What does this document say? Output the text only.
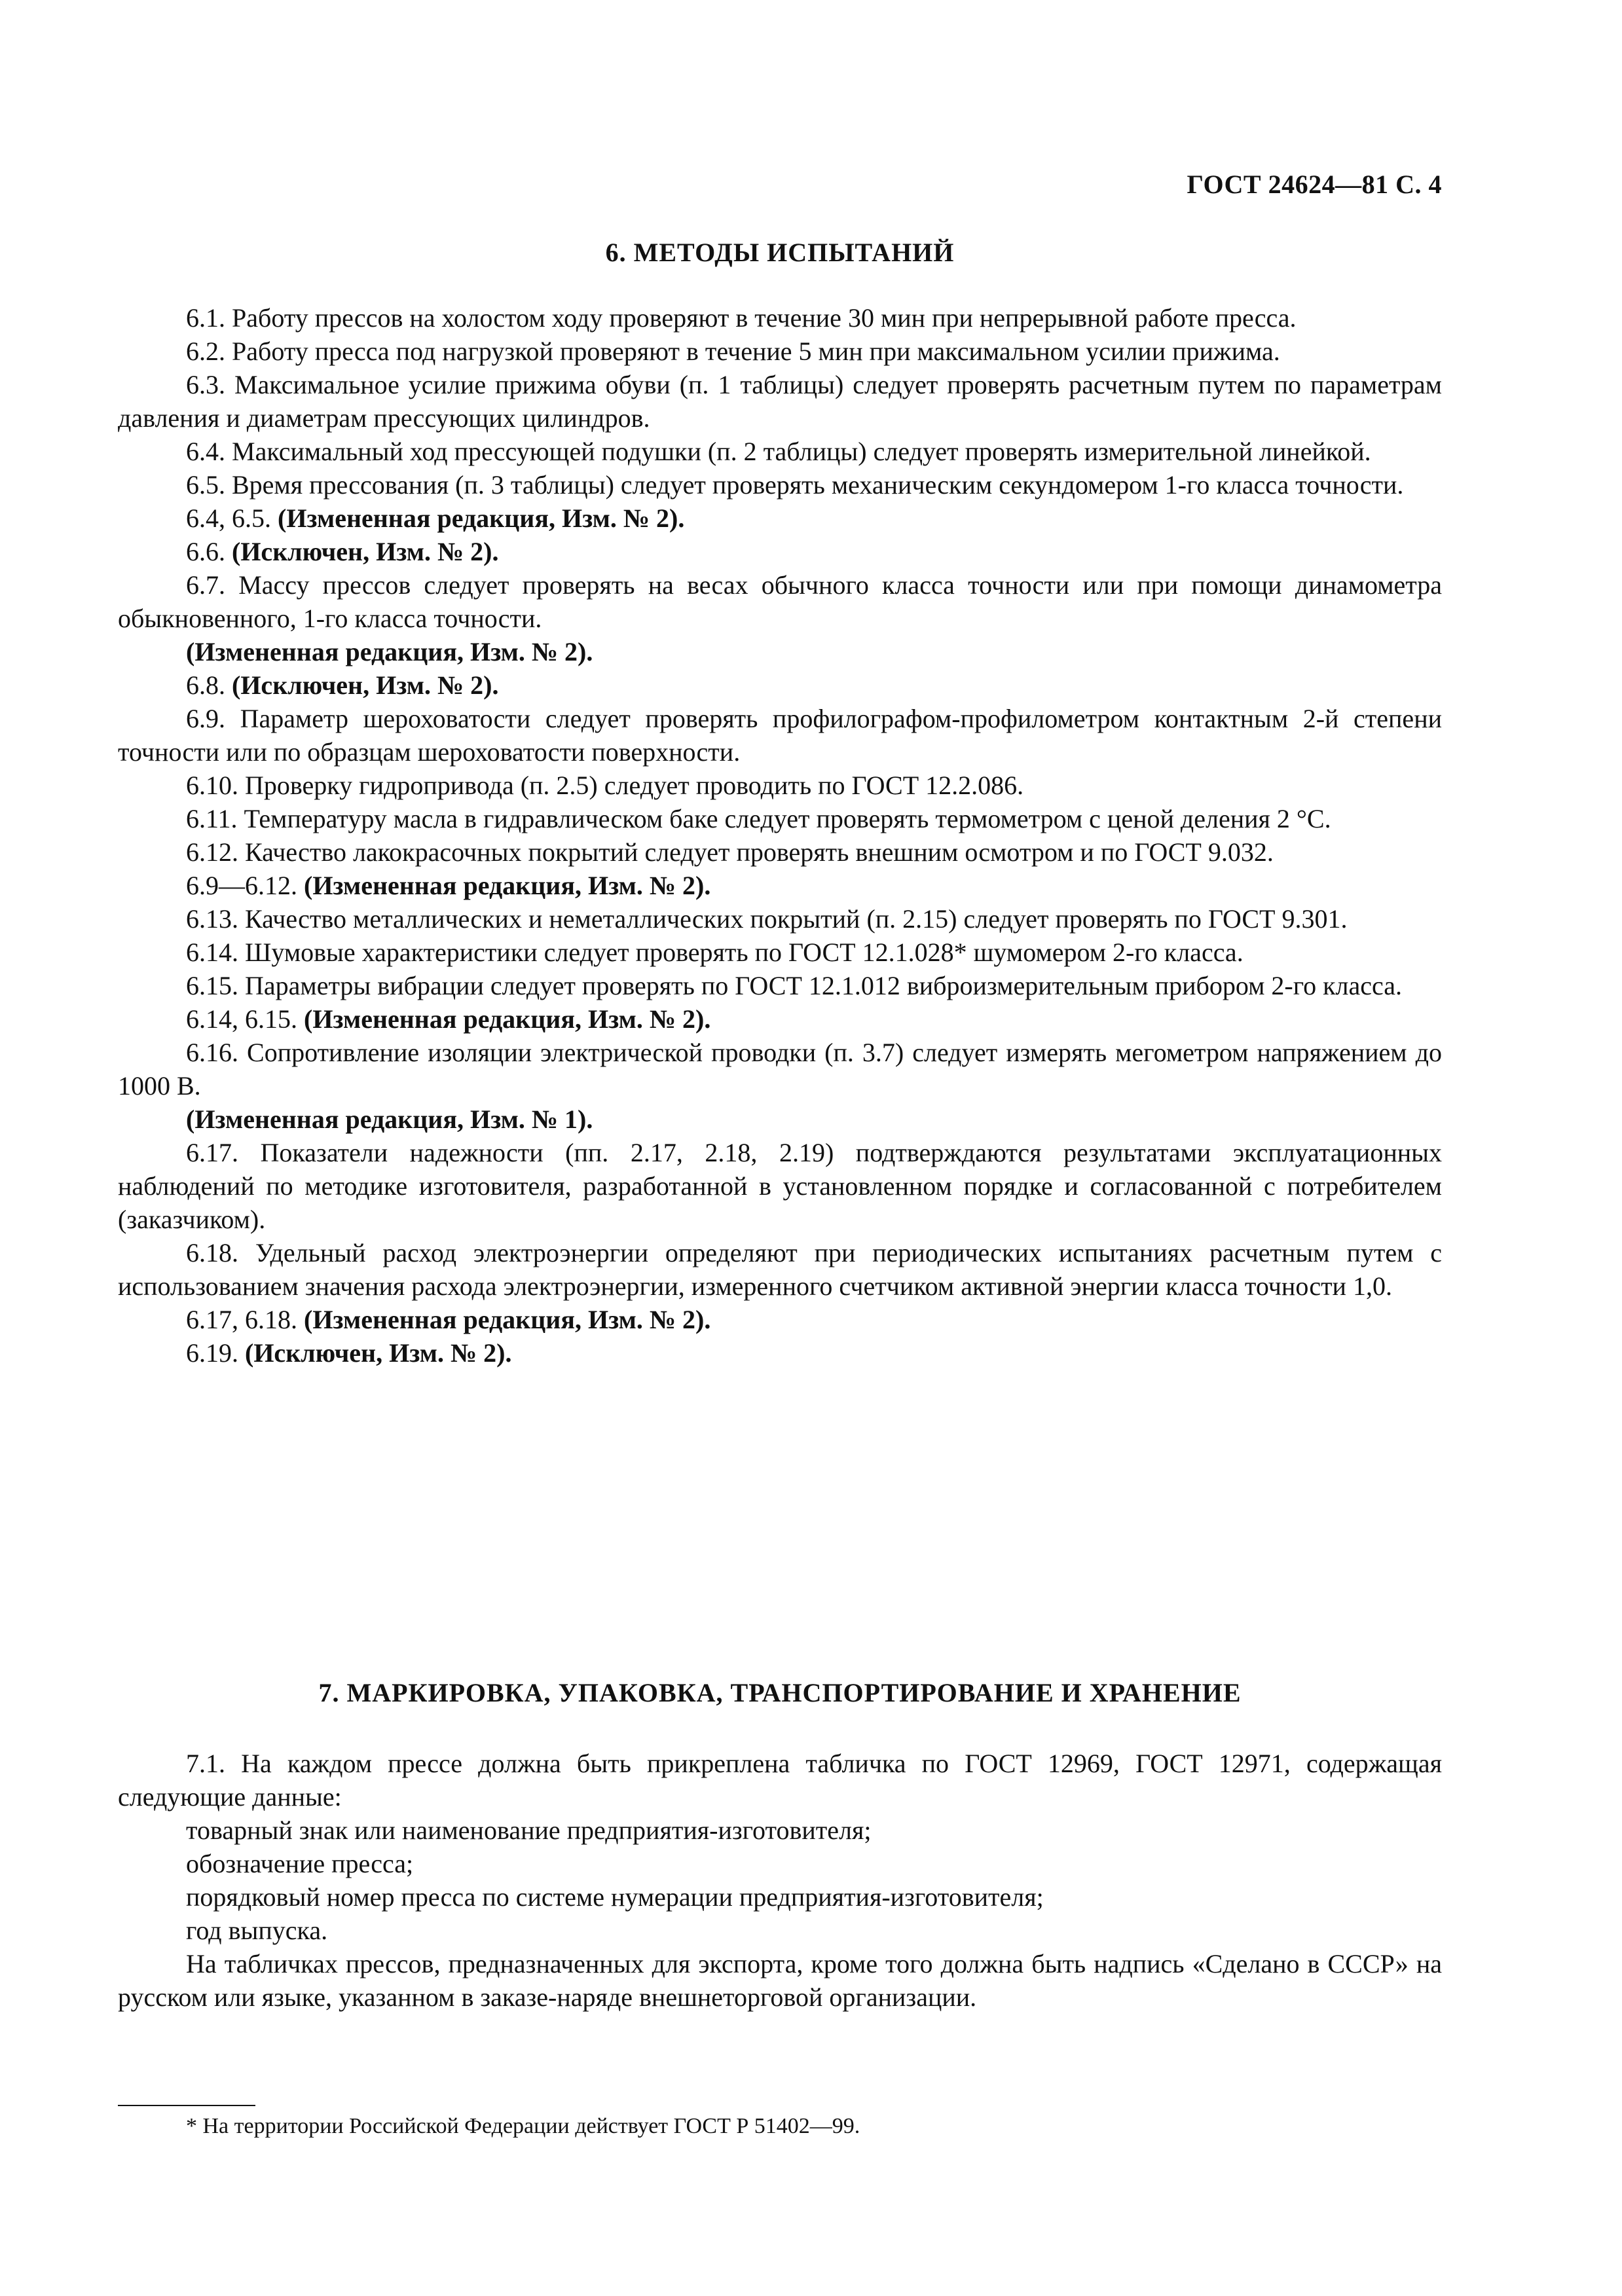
ГОСТ 24624—81 С. 4
6. МЕТОДЫ ИСПЫТАНИЙ

6.1. Работу прессов на холостом ходу проверяют в течение 30 мин при непрерывной работе пресса.

6.2. Работу пресса под нагрузкой проверяют в течение 5 мин при максимальном усилии прижима.

6.3. Максимальное усилие прижима обуви (п. 1 таблицы) следует проверять расчетным путем по параметрам давления и диаметрам прессующих цилиндров.

6.4. Максимальный ход прессующей подушки (п. 2 таблицы) следует проверять измерительной линейкой.

6.5. Время прессования (п. 3 таблицы) следует проверять механическим секундомером 1-го класса точности.

6.4, 6.5. (Измененная редакция, Изм. № 2).

6.6. (Исключен, Изм. № 2).

6.7. Массу прессов следует проверять на весах обычного класса точности или при помощи динамометра обыкновенного, 1-го класса точности.

(Измененная редакция, Изм. № 2).

6.8. (Исключен, Изм. № 2).

6.9. Параметр шероховатости следует проверять профилографом-профилометром контактным 2-й степени точности или по образцам шероховатости поверхности.

6.10. Проверку гидропривода (п. 2.5) следует проводить по ГОСТ 12.2.086.

6.11. Температуру масла в гидравлическом баке следует проверять термометром с ценой деления 2 °С.

6.12. Качество лакокрасочных покрытий следует проверять внешним осмотром и по ГОСТ 9.032.

6.9—6.12. (Измененная редакция, Изм. № 2).

6.13. Качество металлических и неметаллических покрытий (п. 2.15) следует проверять по ГОСТ 9.301.

6.14. Шумовые характеристики следует проверять по ГОСТ 12.1.028* шумомером 2-го класса.

6.15. Параметры вибрации следует проверять по ГОСТ 12.1.012 виброизмерительным прибором 2-го класса.

6.14, 6.15. (Измененная редакция, Изм. № 2).

6.16. Сопротивление изоляции электрической проводки (п. 3.7) следует измерять мегометром напряжением до 1000 В.

(Измененная редакция, Изм. № 1).

6.17. Показатели надежности (пп. 2.17, 2.18, 2.19) подтверждаются результатами эксплуатационных наблюдений по методике изготовителя, разработанной в установленном порядке и согласованной с потребителем (заказчиком).

6.18. Удельный расход электроэнергии определяют при периодических испытаниях расчетным путем с использованием значения расхода электроэнергии, измеренного счетчиком активной энергии класса точности 1,0.

6.17, 6.18. (Измененная редакция, Изм. № 2).

6.19. (Исключен, Изм. № 2).

7. МАРКИРОВКА, УПАКОВКА, ТРАНСПОРТИРОВАНИЕ И ХРАНЕНИЕ

7.1. На каждом прессе должна быть прикреплена табличка по ГОСТ 12969, ГОСТ 12971, содержащая следующие данные:

товарный знак или наименование предприятия-изготовителя;

обозначение пресса;

порядковый номер пресса по системе нумерации предприятия-изготовителя;

год выпуска.

На табличках прессов, предназначенных для экспорта, кроме того должна быть надпись «Сделано в СССР» на русском или языке, указанном в заказе-наряде внешнеторговой организации.

* На территории Российской Федерации действует ГОСТ Р 51402—99.
